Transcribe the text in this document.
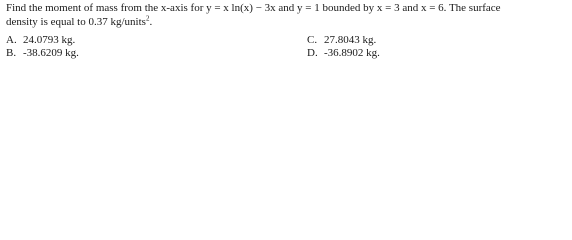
Find the moment of mass from the x-axis for y = x ln(x) − 3x and y = 1 bounded by x = 3 and x = 6. The surface
density is equal to 0.37 kg/units$^2$.
A. 24.0793 kg.	C. 27.8043 kg.
B. -38.6209 kg.	D. -36.8902 kg.
